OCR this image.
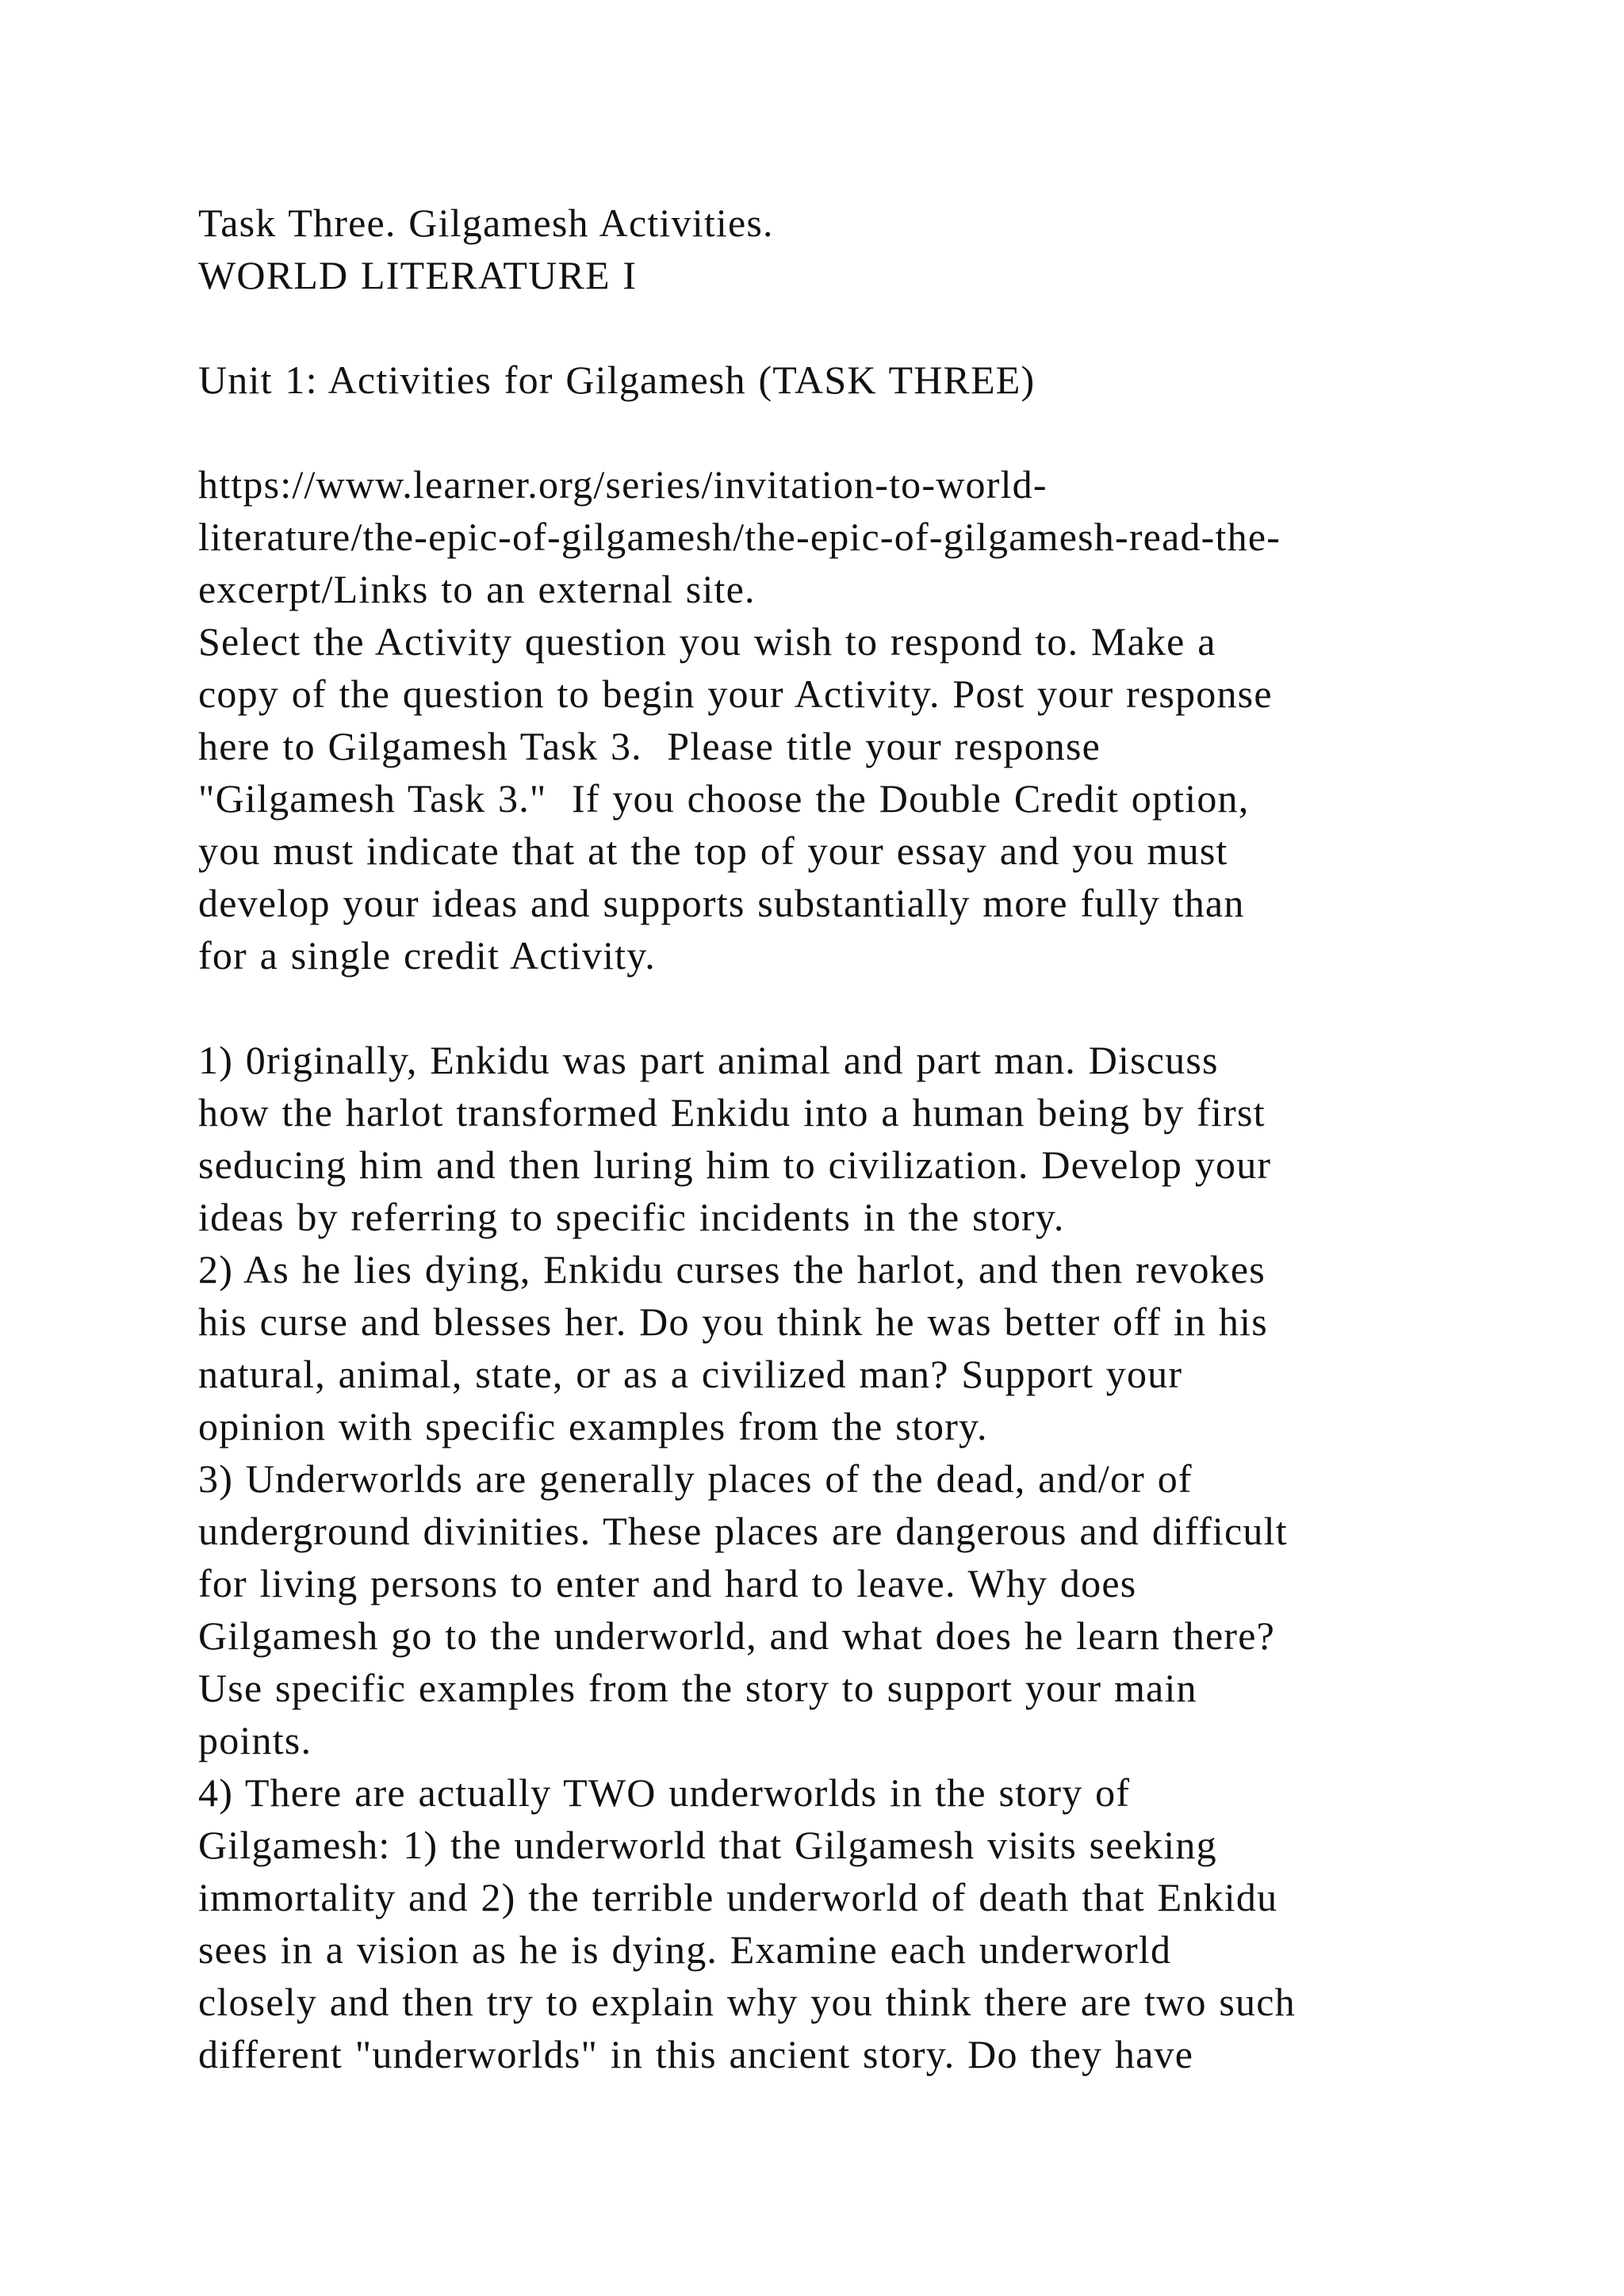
Task Three. Gilgamesh Activities.
WORLD LITERATURE I
Unit 1: Activities for Gilgamesh (TASK THREE)
https://www.learner.org/series/invitation-to-world-
literature/the-epic-of-gilgamesh/the-epic-of-gilgamesh-read-the-
excerpt/Links to an external site.
Select the Activity question you wish to respond to. Make a
copy of the question to begin your Activity. Post your response
here to Gilgamesh Task 3.  Please title your response
"Gilgamesh Task 3."  If you choose the Double Credit option,
you must indicate that at the top of your essay and you must
develop your ideas and supports substantially more fully than
for a single credit Activity.
1) 0riginally, Enkidu was part animal and part man. Discuss
how the harlot transformed Enkidu into a human being by first
seducing him and then luring him to civilization. Develop your
ideas by referring to specific incidents in the story.
2) As he lies dying, Enkidu curses the harlot, and then revokes
his curse and blesses her. Do you think he was better off in his
natural, animal, state, or as a civilized man? Support your
opinion with specific examples from the story.
3) Underworlds are generally places of the dead, and/or of
underground divinities. These places are dangerous and difficult
for living persons to enter and hard to leave. Why does
Gilgamesh go to the underworld, and what does he learn there?
Use specific examples from the story to support your main
points.
4) There are actually TWO underworlds in the story of
Gilgamesh: 1) the underworld that Gilgamesh visits seeking
immortality and 2) the terrible underworld of death that Enkidu
sees in a vision as he is dying. Examine each underworld
closely and then try to explain why you think there are two such
different "underworlds" in this ancient story. Do they have
